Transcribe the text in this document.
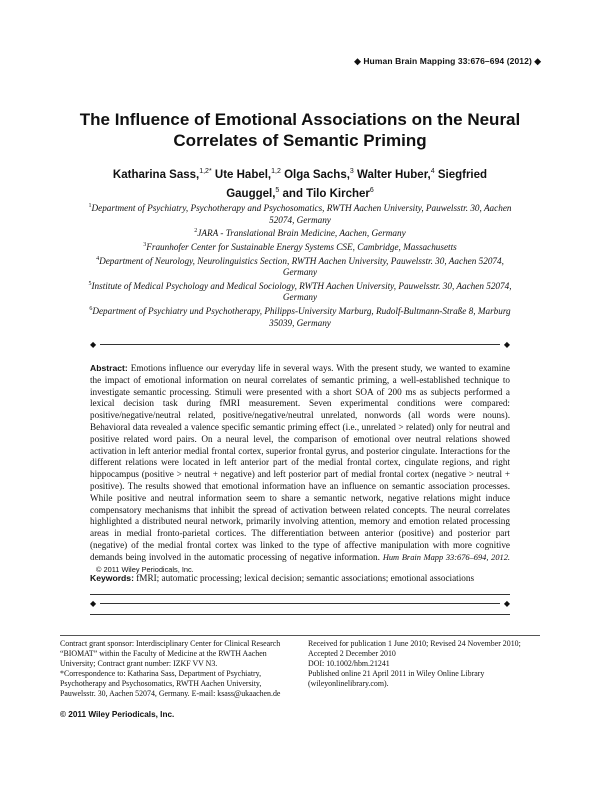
◆ Human Brain Mapping 33:676–694 (2012) ◆
The Influence of Emotional Associations on the Neural Correlates of Semantic Priming
Katharina Sass,$^{1,2*}$ Ute Habel,$^{1,2}$ Olga Sachs,$^3$ Walter Huber,$^4$ Siegfried Gauggel,$^5$ and Tilo Kircher$^6$
$^1$Department of Psychiatry, Psychotherapy and Psychosomatics, RWTH Aachen University, Pauwelsstr. 30, Aachen 52074, Germany
$^2$JARA - Translational Brain Medicine, Aachen, Germany
$^3$Fraunhofer Center for Sustainable Energy Systems CSE, Cambridge, Massachusetts
$^4$Department of Neurology, Neurolinguistics Section, RWTH Aachen University, Pauwelsstr. 30, Aachen 52074, Germany
$^5$Institute of Medical Psychology and Medical Sociology, RWTH Aachen University, Pauwelsstr. 30, Aachen 52074, Germany
$^6$Department of Psychiatry und Psychotherapy, Philipps-University Marburg, Rudolf-Bultmann-Straße 8, Marburg 35039, Germany
◆	◆
Abstract: Emotions influence our everyday life in several ways. With the present study, we wanted to examine the impact of emotional information on neural correlates of semantic priming, a well-established technique to investigate semantic processing. Stimuli were presented with a short SOA of 200 ms as subjects performed a lexical decision task during fMRI measurement. Seven experimental conditions were compared: positive/negative/neutral related, positive/negative/neutral unrelated, nonwords (all words were nouns). Behavioral data revealed a valence specific semantic priming effect (i.e., unrelated > related) only for neutral and positive related word pairs. On a neural level, the comparison of emotional over neutral relations showed activation in left anterior medial frontal cortex, superior frontal gyrus, and posterior cingulate. Interactions for the different relations were located in left anterior part of the medial frontal cortex, cingulate regions, and right hippocampus (positive > neutral + negative) and left posterior part of medial frontal cortex (negative > neutral + positive). The results showed that emotional information have an influence on semantic association processes. While positive and neutral information seem to share a semantic network, negative relations might induce compensatory mechanisms that inhibit the spread of activation between related concepts. The neural correlates highlighted a distributed neural network, primarily involving attention, memory and emotion related processing areas in medial fronto-parietal cortices. The differentiation between anterior (positive) and posterior part (negative) of the medial frontal cortex was linked to the type of affective manipulation with more cognitive demands being involved in the automatic processing of negative information. Hum Brain Mapp 33:676–694, 2012. © 2011 Wiley Periodicals, Inc.
Keywords: fMRI; automatic processing; lexical decision; semantic associations; emotional associations
◆	◆

Contract grant sponsor: Interdisciplinary Center for Clinical Research “BIOMAT” within the Faculty of Medicine at the RWTH Aachen University; Contract grant number: IZKF VV N3.

*Correspondence to: Katharina Sass, Department of Psychiatry, Psychotherapy and Psychosomatics, RWTH Aachen University, Pauwelsstr. 30, Aachen 52074, Germany. E-mail: ksass@ukaachen.de

Received for publication 1 June 2010; Revised 24 November 2010; Accepted 2 December 2010

DOI: 10.1002/hbm.21241

Published online 21 April 2011 in Wiley Online Library (wileyonlinelibrary.com).

© 2011 Wiley Periodicals, Inc.
